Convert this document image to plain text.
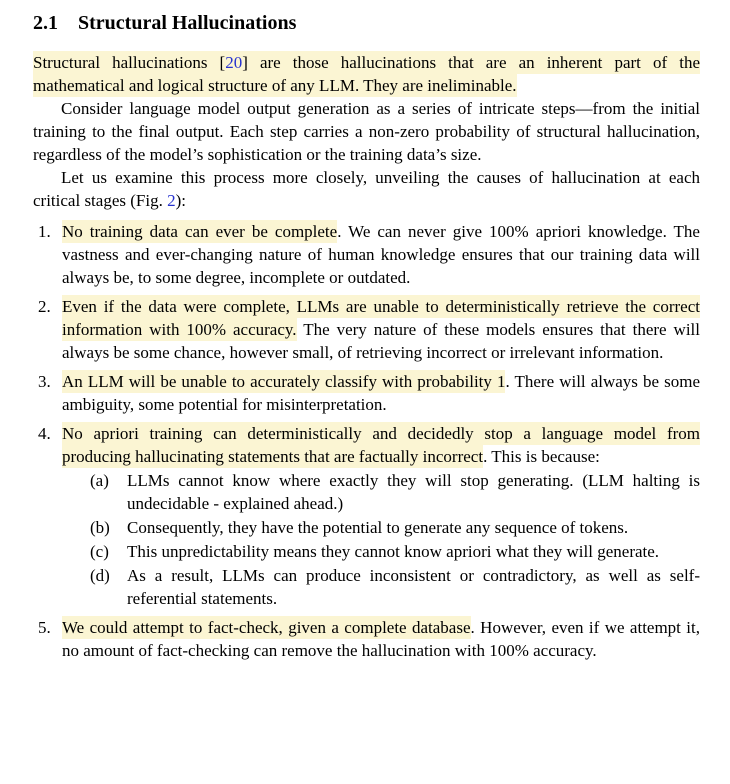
2.1 Structural Hallucinations

Structural hallucinations [20] are those hallucinations that are an inherent part of the mathematical and logical structure of any LLM. They are ineliminable.

Consider language model output generation as a series of intricate steps—from the initial training to the final output. Each step carries a non-zero probability of structural hallucination, regardless of the model’s sophistication or the training data’s size.

Let us examine this process more closely, unveiling the causes of hallucination at each critical stages (Fig. 2):

1. No training data can ever be complete. We can never give 100% apriori knowledge. The vastness and ever-changing nature of human knowledge ensures that our training data will always be, to some degree, incomplete or outdated.
2. Even if the data were complete, LLMs are unable to deterministically retrieve the correct information with 100% accuracy. The very nature of these models ensures that there will always be some chance, however small, of retrieving incorrect or irrelevant information.
3. An LLM will be unable to accurately classify with probability 1. There will always be some ambiguity, some potential for misinterpretation.
4. No apriori training can deterministically and decidedly stop a language model from producing hallucinating statements that are factually incorrect. This is because:
(a) LLMs cannot know where exactly they will stop generating. (LLM halting is undecidable - explained ahead.)
(b) Consequently, they have the potential to generate any sequence of tokens.
(c) This unpredictability means they cannot know apriori what they will generate.
(d) As a result, LLMs can produce inconsistent or contradictory, as well as self-referential statements.
5. We could attempt to fact-check, given a complete database. However, even if we attempt it, no amount of fact-checking can remove the hallucination with 100% accuracy.
